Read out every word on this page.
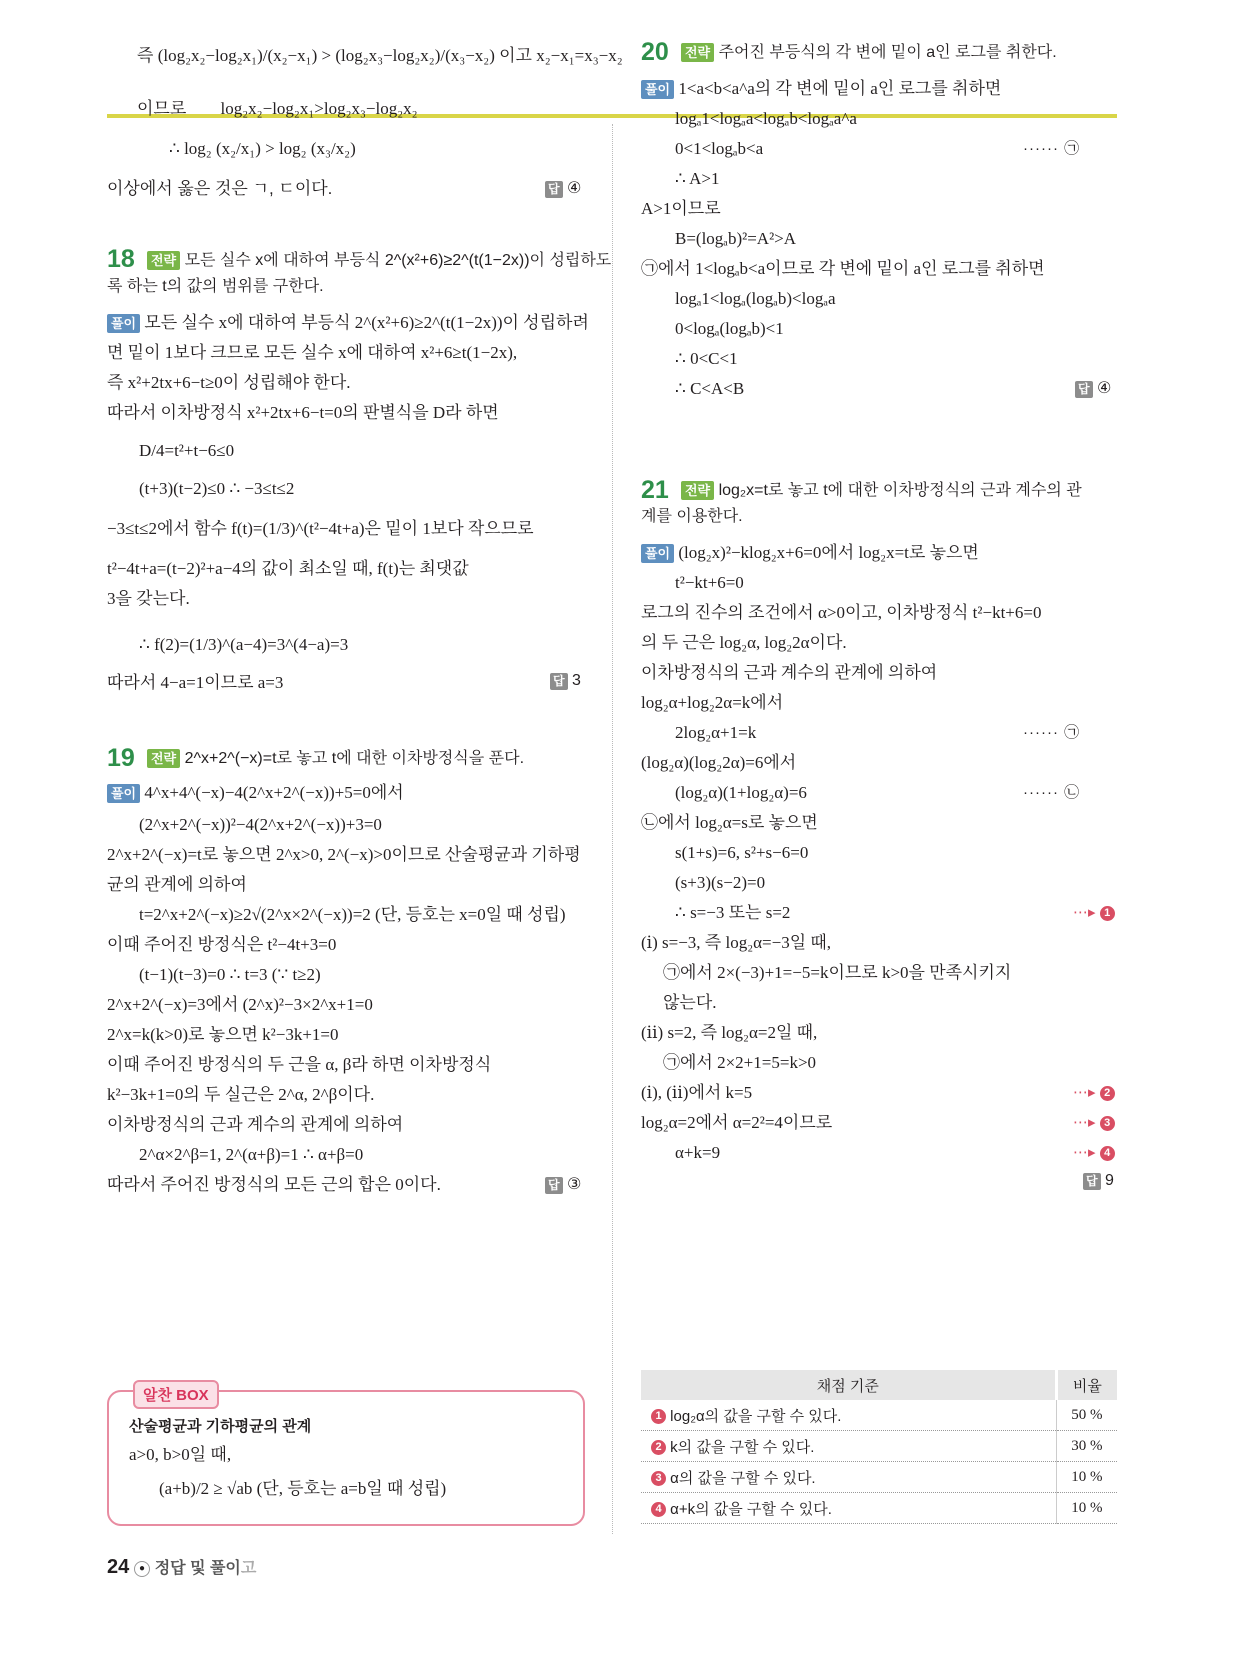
즉 (log₂x₂−log₂x₁)/(x₂−x₁) > (log₂x₃−log₂x₂)/(x₃−x₂) 이고 x₂−x₁=x₃−x₂
이므로 log₂x₂−log₂x₁>log₂x₃−log₂x₂
∴ log₂ (x₂/x₁) > log₂ (x₃/x₂)
이상에서 옳은 것은 ㄱ, ㄷ이다.	답 ④
18	전략 모든 실수 x에 대하여 부등식 2^(x²+6)≥2^(t(1−2x))이 성립하도
록 하는 t의 값의 범위를 구한다.
풀이 모든 실수 x에 대하여 부등식 2^(x²+6)≥2^(t(1−2x))이 성립하려
면 밑이 1보다 크므로 모든 실수 x에 대하여 x²+6≥t(1−2x),
즉 x²+2tx+6−t≥0이 성립해야 한다.
따라서 이차방정식 x²+2tx+6−t=0의 판별식을 D라 하면
D/4=t²+t−6≤0
(t+3)(t−2)≤0 ∴ −3≤t≤2
−3≤t≤2에서 함수 f(t)=(1/3)^(t²−4t+a)은 밑이 1보다 작으므로
t²−4t+a=(t−2)²+a−4의 값이 최소일 때, f(t)는 최댓값
3을 갖는다.
∴ f(2)=(1/3)^(a−4)=3^(4−a)=3
따라서 4−a=1이므로 a=3	답 3
19	전략 2^x+2^(−x)=t로 놓고 t에 대한 이차방정식을 푼다.
풀이 4^x+4^(−x)−4(2^x+2^(−x))+5=0에서
(2^x+2^(−x))²−4(2^x+2^(−x))+3=0
2^x+2^(−x)=t로 놓으면 2^x>0, 2^(−x)>0이므로 산술평균과 기하평
균의 관계에 의하여
t=2^x+2^(−x)≥2√(2^x×2^(−x))=2 (단, 등호는 x=0일 때 성립)
이때 주어진 방정식은 t²−4t+3=0
(t−1)(t−3)=0 ∴ t=3 (∵ t≥2)
2^x+2^(−x)=3에서 (2^x)²−3×2^x+1=0
2^x=k(k>0)로 놓으면 k²−3k+1=0
이때 주어진 방정식의 두 근을 α, β라 하면 이차방정식
k²−3k+1=0의 두 실근은 2^α, 2^β이다.
이차방정식의 근과 계수의 관계에 의하여
2^α×2^β=1, 2^(α+β)=1 ∴ α+β=0
따라서 주어진 방정식의 모든 근의 합은 0이다.	답 ③
알찬 BOX
산술평균과 기하평균의 관계
a>0, b>0일 때,
(a+b)/2 ≥ √ab (단, 등호는 a=b일 때 성립)
20	전략 주어진 부등식의 각 변에 밑이 a인 로그를 취한다.
풀이 1<a<b<a^a의 각 변에 밑이 a인 로그를 취하면
logₐ1<logₐa<logₐb<logₐa^a
0<1<logₐb<a	······ ㉠
∴ A>1
A>1이므로
B=(logₐb)²=A²>A
㉠에서 1<logₐb<a이므로 각 변에 밑이 a인 로그를 취하면
logₐ1<logₐ(logₐb)<logₐa
0<logₐ(logₐb)<1
∴ 0<C<1
∴ C<A<B	답 ④
21	전략 log₂x=t로 놓고 t에 대한 이차방정식의 근과 계수의 관
계를 이용한다.
풀이 (log₂x)²−klog₂x+6=0에서 log₂x=t로 놓으면
t²−kt+6=0
로그의 진수의 조건에서 α>0이고, 이차방정식 t²−kt+6=0
의 두 근은 log₂α, log₂2α이다.
이차방정식의 근과 계수의 관계에 의하여
log₂α+log₂2α=k에서
2log₂α+1=k	······ ㉠
(log₂α)(log₂2α)=6에서
(log₂α)(1+log₂α)=6	······ ㉡
㉡에서 log₂α=s로 놓으면
s(1+s)=6, s²+s−6=0
(s+3)(s−2)=0
∴ s=−3 또는 s=2	⋯▸ 1
(ⅰ) s=−3, 즉 log₂α=−3일 때,
㉠에서 2×(−3)+1=−5=k이므로 k>0을 만족시키지
않는다.
(ⅱ) s=2, 즉 log₂α=2일 때,
㉠에서 2×2+1=5=k>0
(ⅰ), (ⅱ)에서 k=5	⋯▸ 2
log₂α=2에서 α=2²=4이므로	⋯▸ 3
α+k=9	⋯▸ 4
답 9
채점 기준	비율
1 log₂α의 값을 구할 수 있다.	50 %
2 k의 값을 구할 수 있다.	30 %
3 α의 값을 구할 수 있다.	10 %
4 α+k의 값을 구할 수 있다.	10 %
24 ● 정답 및 풀이고
